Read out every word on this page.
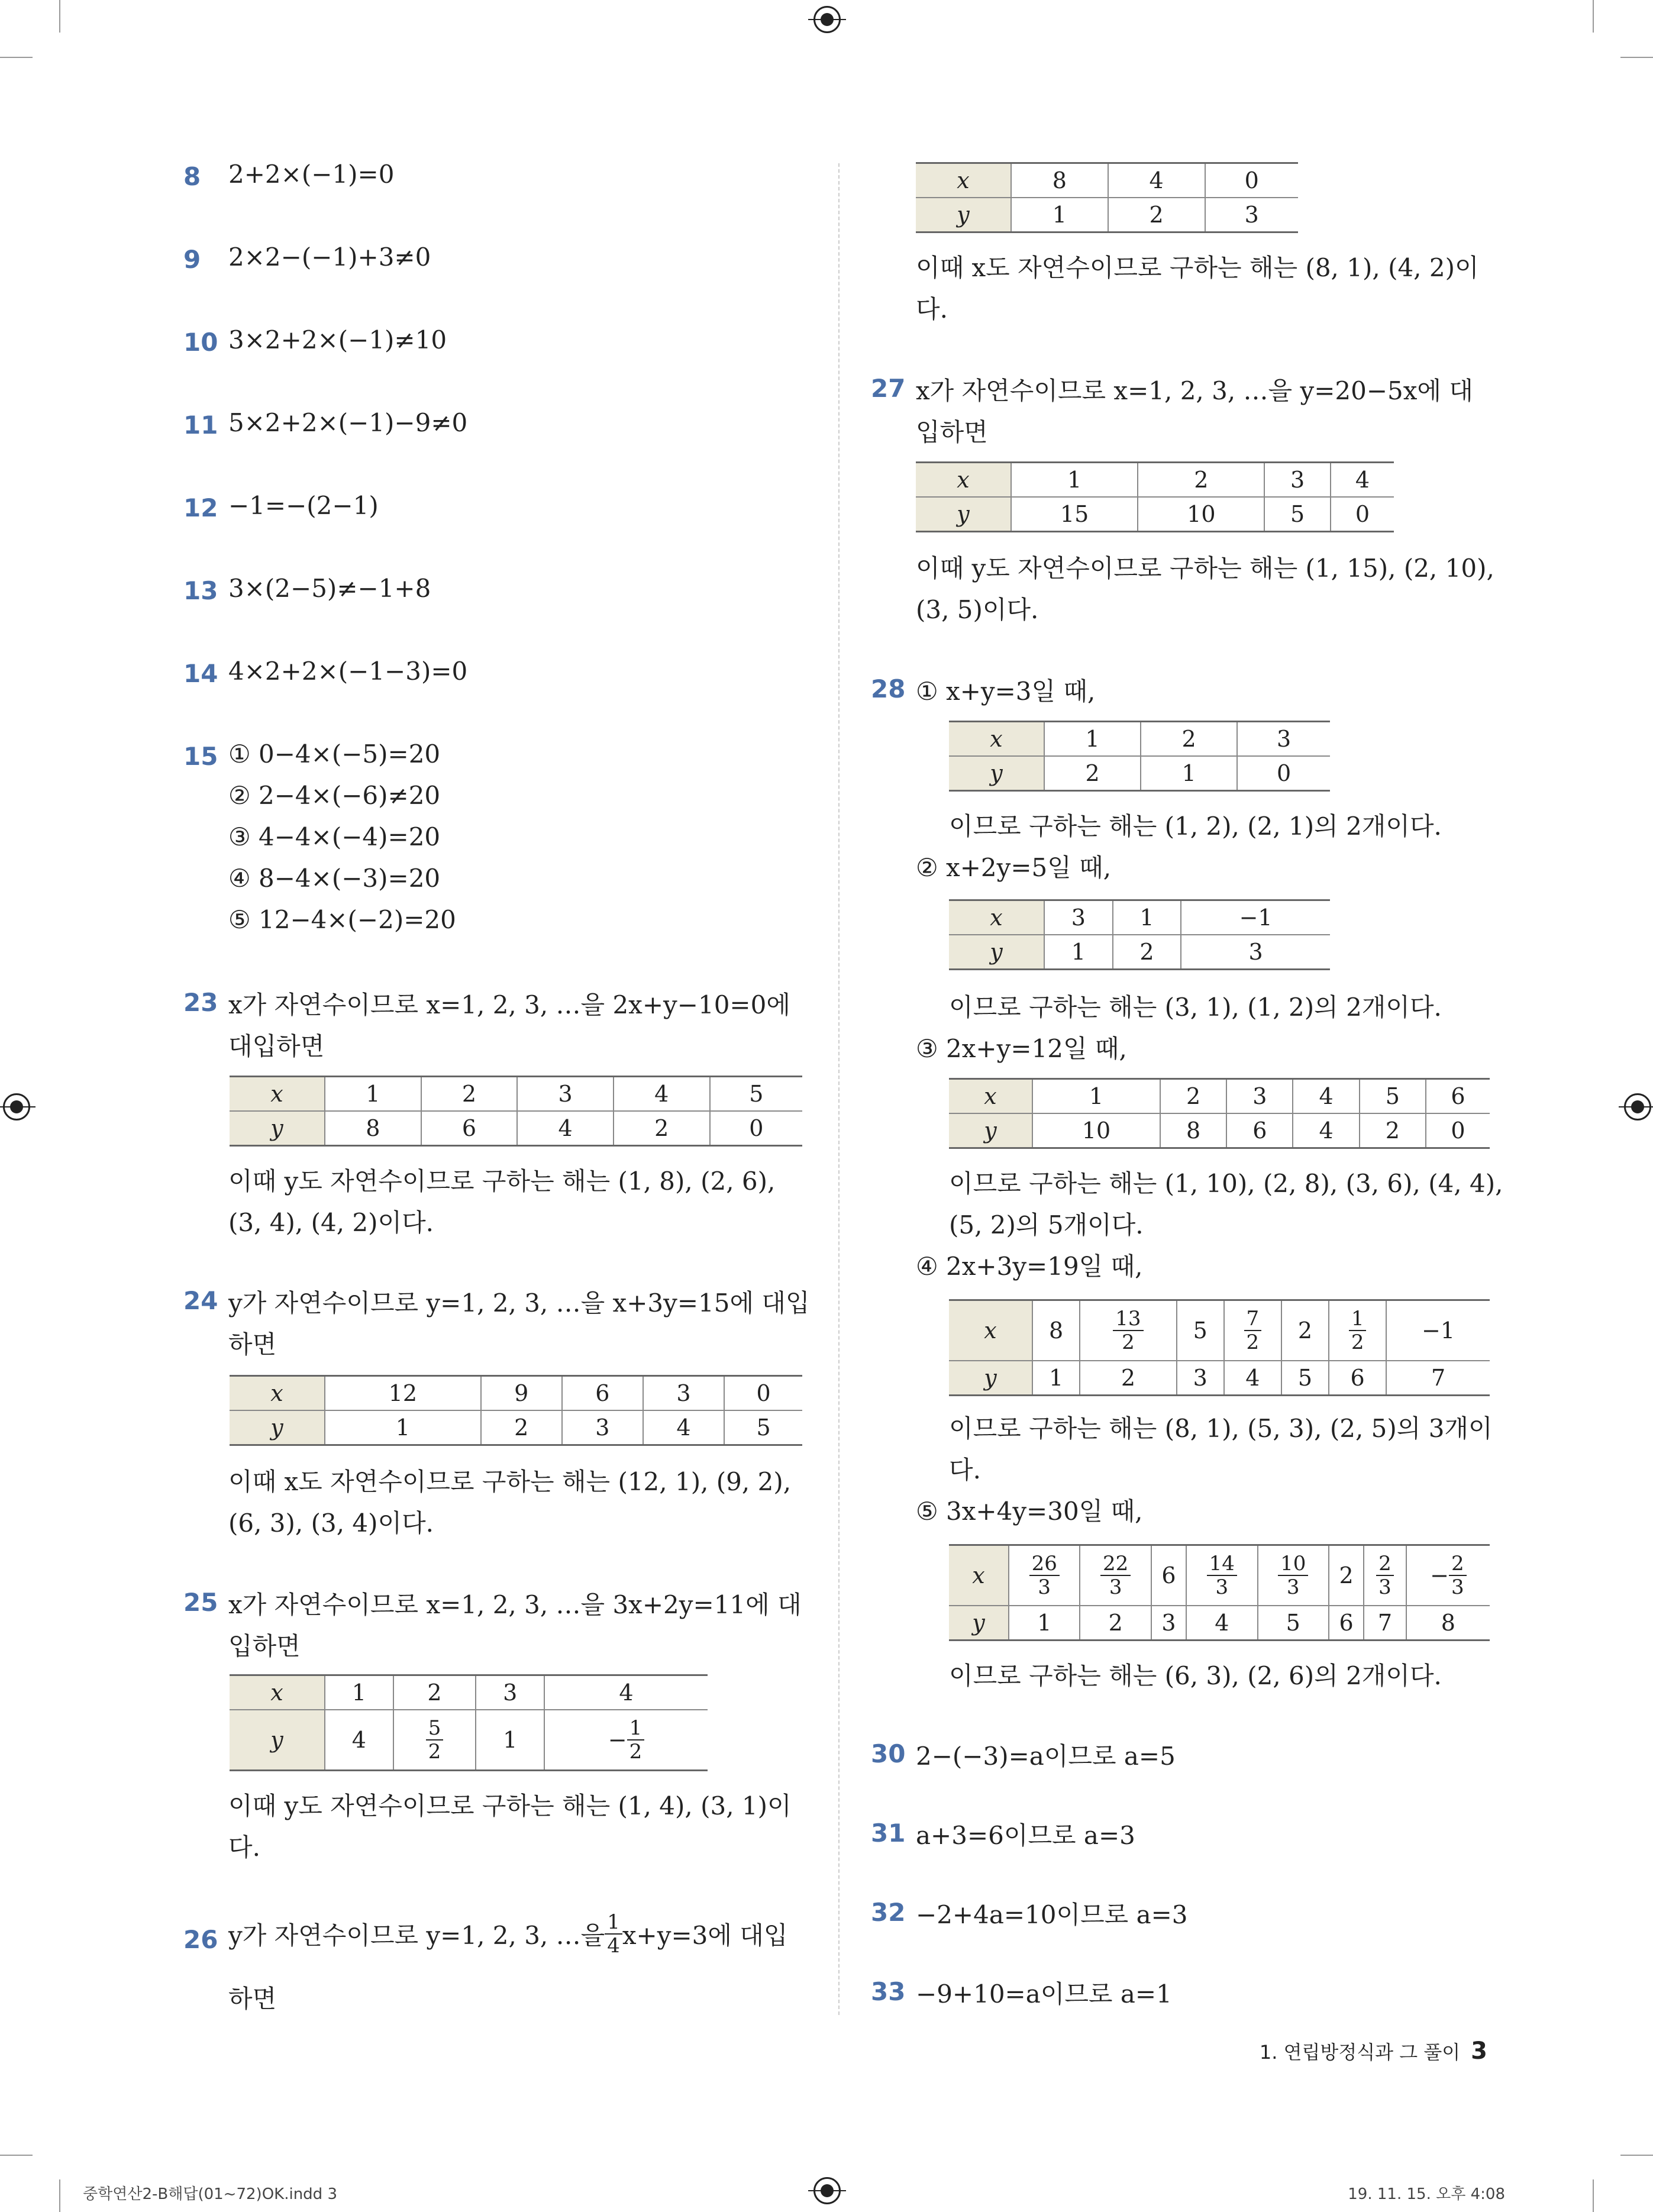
8 2+2×(−1)=0
9 2×2−(−1)+3≠0
10 3×2+2×(−1)≠10
11 5×2+2×(−1)−9≠0
12 −1=−(2−1)
13 3×(2−5)≠−1+8
14 4×2+2×(−1−3)=0
15 ① 0−4×(−5)=20
② 2−4×(−6)≠20
③ 4−4×(−4)=20
④ 8−4×(−3)=20
⑤ 12−4×(−2)=20
23 x가 자연수이므로 x=1, 2, 3, …을 2x+y−10=0에
대입하면
x	1	2	3	4	5
y	8	6	4	2	0
이때 y도 자연수이므로 구하는 해는 (1, 8), (2, 6),
(3, 4), (4, 2)이다.
24 y가 자연수이므로 y=1, 2, 3, …을 x+3y=15에 대입
하면
x	12	9	6	3	0
y	1	2	3	4	5
이때 x도 자연수이므로 구하는 해는 (12, 1), (9, 2),
(6, 3), (3, 4)이다.
25 x가 자연수이므로 x=1, 2, 3, …을 3x+2y=11에 대
입하면
x	1	2	3	4
y	4	$\frac{5}{2}$	1	− $\frac{1}{2}$
이때 y도 자연수이므로 구하는 해는 (1, 4), (3, 1)이
다.
26 y가 자연수이므로 y=1, 2, 3, …을 $\frac{1}{4} x+y=3$에 대입
하면
x	8	4	0
y	1	2	3
이때 x도 자연수이므로 구하는 해는 (8, 1), (4, 2)이
다.
27 x가 자연수이므로 x=1, 2, 3, …을 y=20−5x에 대
입하면
x	1	2	3	4
y	15	10	5	0
이때 y도 자연수이므로 구하는 해는 (1, 15), (2, 10),
(3, 5)이다.
28 ① x+y=3일 때,
x	1	2	3
y	2	1	0
이므로 구하는 해는 (1, 2), (2, 1)의 2개이다.
② x+2y=5일 때,
x	3	1	−1
y	1	2	3
이므로 구하는 해는 (3, 1), (1, 2)의 2개이다.
③ 2x+y=12일 때,
x	1	2	3	4	5	6
y	10	8	6	4	2	0
이므로 구하는 해는 (1, 10), (2, 8), (3, 6), (4, 4),
(5, 2)의 5개이다.
④ 2x+3y=19일 때,
x	8	$\frac{13}{2}$	5	$\frac{7}{2}$	2	$\frac{1}{2}$	−1
y	1	2	3	4	5	6	7
이므로 구하는 해는 (8, 1), (5, 3), (2, 5)의 3개이
다.
⑤ 3x+4y=30일 때,
x	$\frac{26}{3}$	$\frac{22}{3}$	6	$\frac{14}{3}$	$\frac{10}{3}$	2	$\frac{2}{3}$	− $\frac{2}{3}$

y	1	2	3	4	5	6	7	8
이므로 구하는 해는 (6, 3), (2, 6)의 2개이다.
30 2−(−3)=a이므로 a=5
31 a+3=6이므로 a=3
32 −2+4a=10이므로 a=3
33 −9+10=a이므로 a=1
1. 연립방정식과 그 풀이 3
중학연산2-B해답(01~72)OK.indd 3	19. 11. 15. 오후 4:08
